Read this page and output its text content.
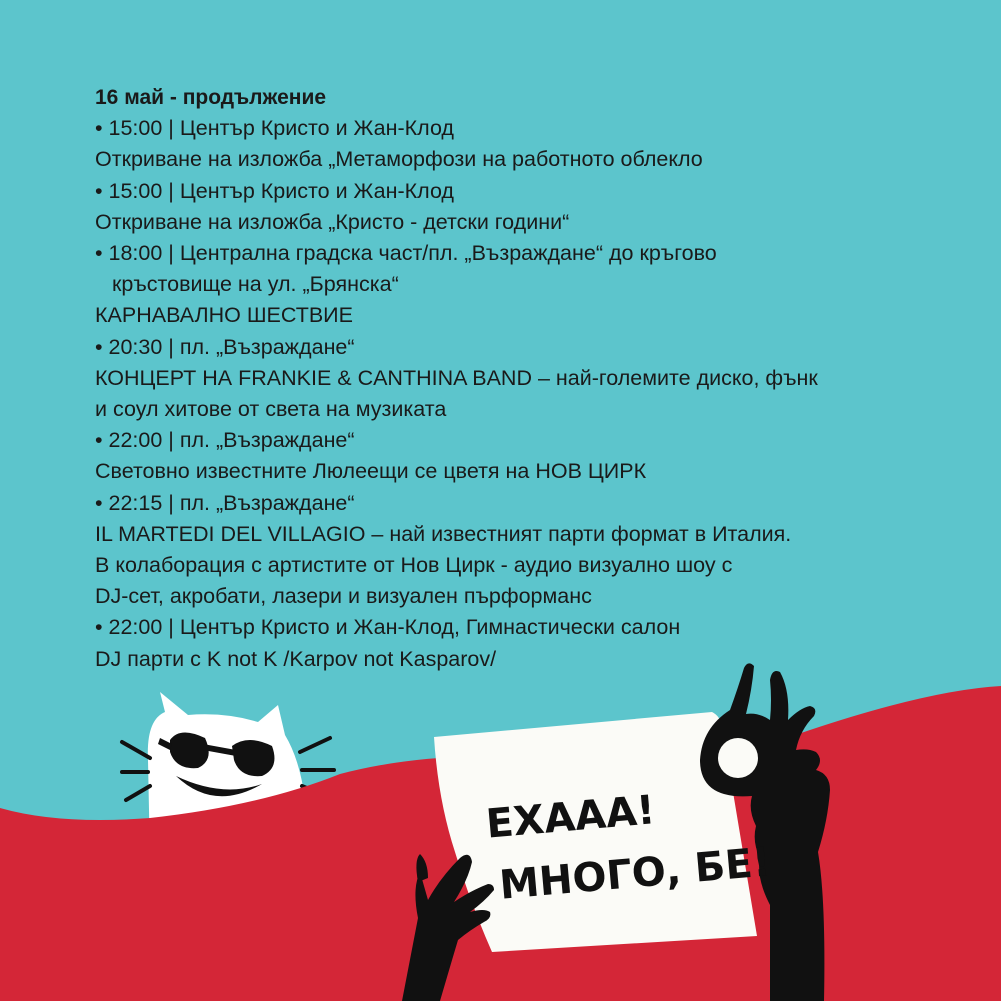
ЕХААА!
МНОГО, БЕ!
16 май - продължение
• 15:00 | Център Кристо и Жан-Клод
Откриване на изложба „Метаморфози на работното облекло
• 15:00 | Център Кристо и Жан-Клод
Откриване на изложба „Кристо - детски години“
• 18:00 | Централна градска част/пл. „Възраждане“ до кръгово
кръстовище на ул. „Брянска“
КАРНАВАЛНО ШЕСТВИЕ
• 20:30 | пл. „Възраждане“
КОНЦЕРТ НА FRANKIE & CANTHINA BAND – най-големите диско, фънк
и соул хитове от света на музиката
• 22:00 | пл. „Възраждане“
Световно известните Люлеещи се цветя на НОВ ЦИРК
• 22:15 | пл. „Възраждане“
IL MARTEDI DEL VILLAGIO – най известният парти формат в Италия.
В колаборация с артистите от Нов Цирк - аудио визуално шоу с
DJ-сет, акробати, лазери и визуален пърформанс
• 22:00 | Център Кристо и Жан-Клод, Гимнастически салон
DJ парти с K not K /Karpov not Kasparov/
